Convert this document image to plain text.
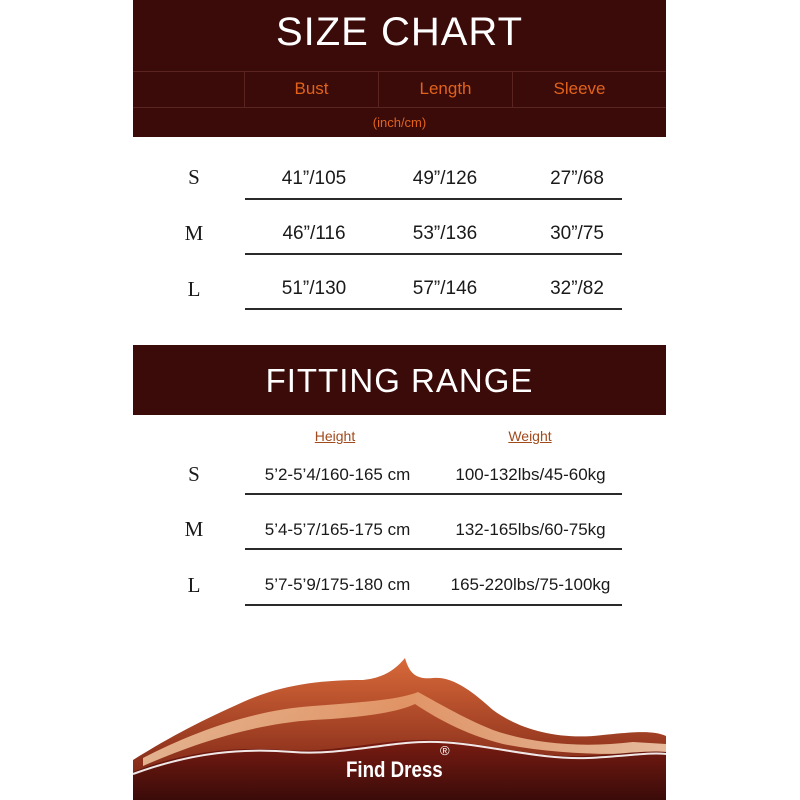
SIZE CHART
Bust	Length	Sleeve
(inch/cm)
S	41”/105	49”/126	27”/68
M	46”/116	53”/136	30”/75
L	51”/130	57”/146	32”/82
FITTING RANGE
Height	Weight
S	5’2-5’4/160-165 cm	100-132lbs/45-60kg
M	5’4-5’7/165-175 cm	132-165lbs/60-75kg
L	5’7-5’9/175-180 cm	165-220lbs/75-100kg
Find Dress
®
